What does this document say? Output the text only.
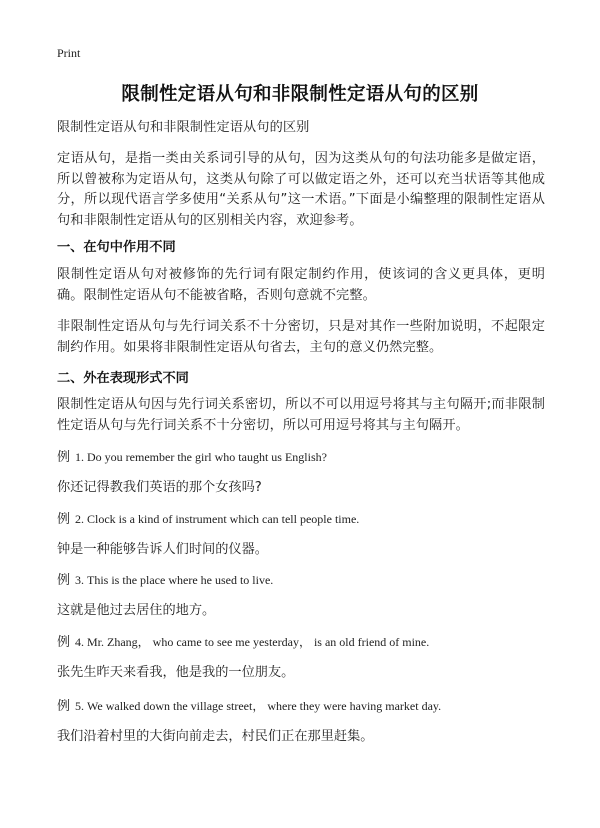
Print
限制性定语从句和非限制性定语从句的区别
限制性定语从句和非限制性定语从句的区别
定语从句，是指一类由关系词引导的从句，因为这类从句的句法功能多是做定语，所以曾被称为定语从句，这类从句除了可以做定语之外，还可以充当状语等其他成分，所以现代语言学多使用“关系从句”这一术语。”下面是小编整理的限制性定语从句和非限制性定语从句的区别相关内容，欢迎参考。
一、在句中作用不同
限制性定语从句对被修饰的先行词有限定制约作用，使该词的含义更具体，更明确。限制性定语从句不能被省略，否则句意就不完整。
非限制性定语从句与先行词关系不十分密切，只是对其作一些附加说明，不起限定制约作用。如果将非限制性定语从句省去，主句的意义仍然完整。
二、外在表现形式不同
限制性定语从句因与先行词关系密切，所以不可以用逗号将其与主句隔开;而非限制性定语从句与先行词关系不十分密切，所以可用逗号将其与主句隔开。
例 1. Do you remember the girl who taught us English?
你还记得教我们英语的那个女孩吗?
例 2. Clock is a kind of instrument which can tell people time.
钟是一种能够告诉人们时间的仪器。
例 3. This is the place where he used to live.
这就是他过去居住的地方。
例 4. Mr. Zhang， who came to see me yesterday， is an old friend of mine.
张先生昨天来看我，他是我的一位朋友。
例 5. We walked down the village street， where they were having market day.
我们沿着村里的大街向前走去，村民们正在那里赶集。
